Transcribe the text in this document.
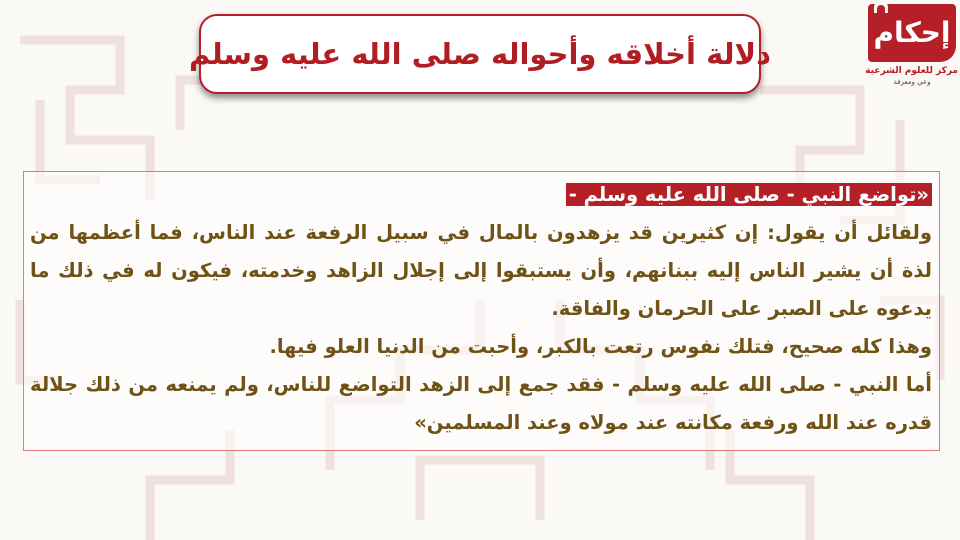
دلالة أخلاقه وأحواله صلى الله عليه وسلم
إحكام
مركز للعلوم الشرعية
وعي ومعرفة
«تواضع النبي - صلى الله عليه وسلم -
ولقائل أن يقول: إن كثيرين قد يزهدون بالمال في سبيل الرفعة عند الناس، فما أعظمها من لذة أن يشير الناس إليه ببنانهم، وأن يستبقوا إلى إجلال الزاهد وخدمته، فيكون له في ذلك ما يدعوه على الصبر على الحرمان والفاقة.
وهذا كله صحيح، فتلك نفوس رتعت بالكبر، وأحبت من الدنيا العلو فيها.
أما النبي - صلى الله عليه وسلم - فقد جمع إلى الزهد التواضع للناس، ولم يمنعه من ذلك جلالة قدره عند الله ورفعة مكانته عند مولاه وعند المسلمين»
